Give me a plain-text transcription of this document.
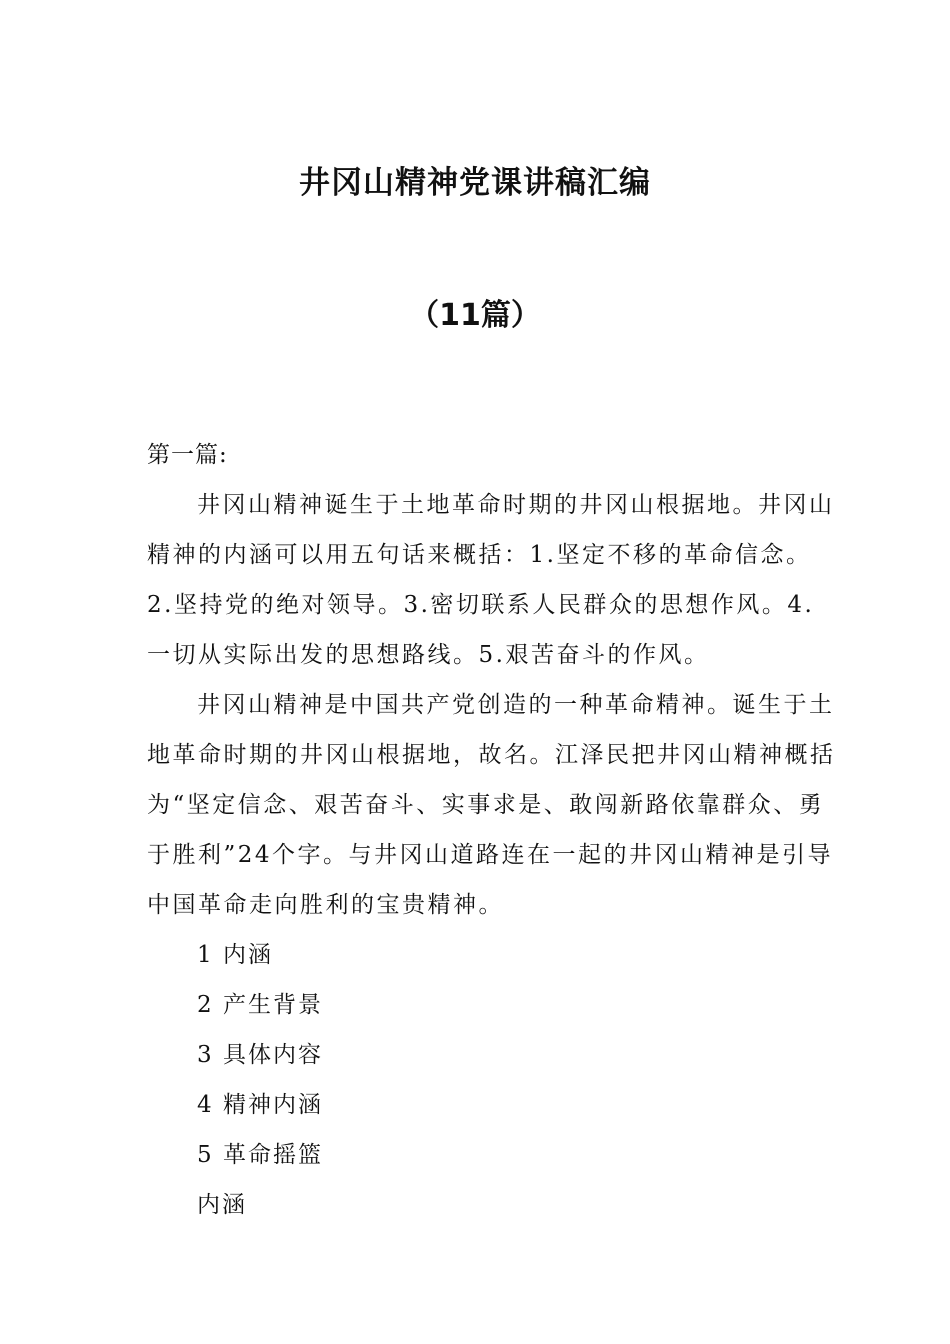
井冈山精神党课讲稿汇编
（11篇）

第一篇:

井冈山精神诞生于土地革命时期的井冈山根据地。井冈山精神的内涵可以用五句话来概括：1.坚定不移的革命信念。2.坚持党的绝对领导。3.密切联系人民群众的思想作风。4.一切从实际出发的思想路线。5.艰苦奋斗的作风。

井冈山精神是中国共产党创造的一种革命精神。诞生于土地革命时期的井冈山根据地，故名。江泽民把井冈山精神概括为“坚定信念、艰苦奋斗、实事求是、敢闯新路依靠群众、勇于胜利”24个字。与井冈山道路连在一起的井冈山精神是引导中国革命走向胜利的宝贵精神。

1 内涵

2 产生背景

3 具体内容

4 精神内涵

5 革命摇篮

内涵
